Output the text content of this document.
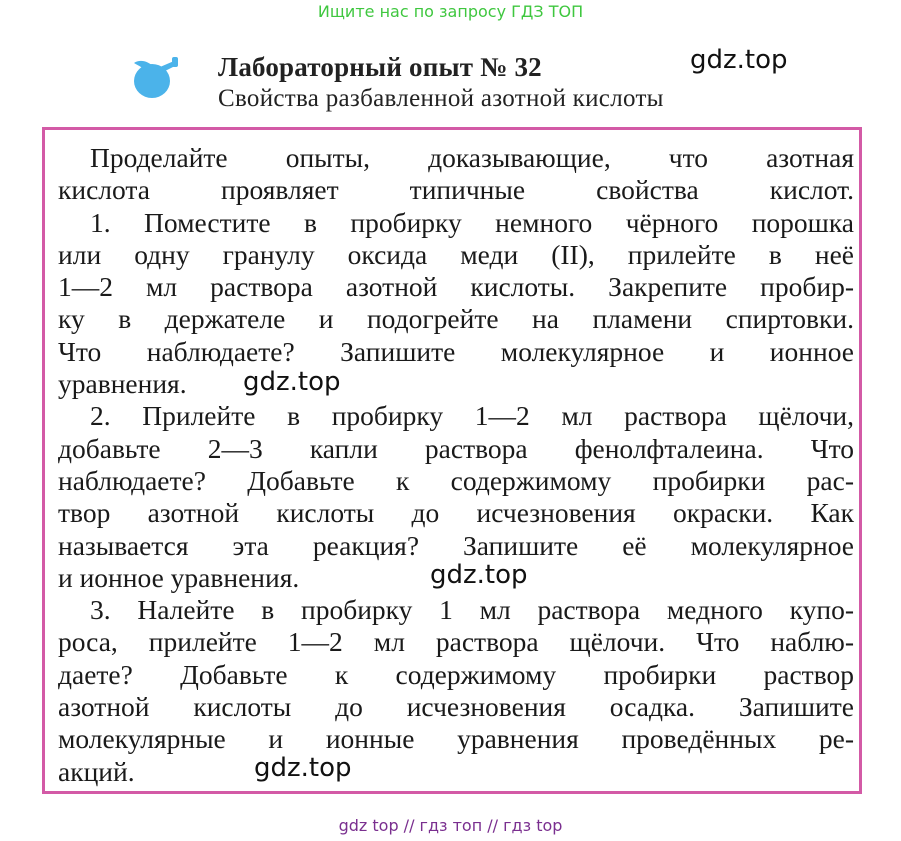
Ищите нас по запросу ГДЗ ТОП
Лабораторный опыт № 32
Свойства разбавленной азотной кислоты
gdz.top
Проделайте опыты, доказывающие, что азотная
кислота проявляет типичные свойства кислот.
1. Поместите в пробирку немного чёрного порошка
или одну гранулу оксида меди (II), прилейте в неё
1—2 мл раствора азотной кислоты. Закрепите пробир-
ку в держателе и подогрейте на пламени спиртовки.
Что наблюдаете? Запишите молекулярное и ионное
уравнения.
2. Прилейте в пробирку 1—2 мл раствора щёлочи,
добавьте 2—3 капли раствора фенолфталеина. Что
наблюдаете? Добавьте к содержимому пробирки рас-
твор азотной кислоты до исчезновения окраски. Как
называется эта реакция? Запишите её молекулярное
и ионное уравнения.
3. Налейте в пробирку 1 мл раствора медного купо-
роса, прилейте 1—2 мл раствора щёлочи. Что наблю-
даете? Добавьте к содержимому пробирки раствор
азотной кислоты до исчезновения осадка. Запишите
молекулярные и ионные уравнения проведённых ре-
акций.
gdz.top
gdz.top
gdz.top
gdz top // гдз топ // гдз top
